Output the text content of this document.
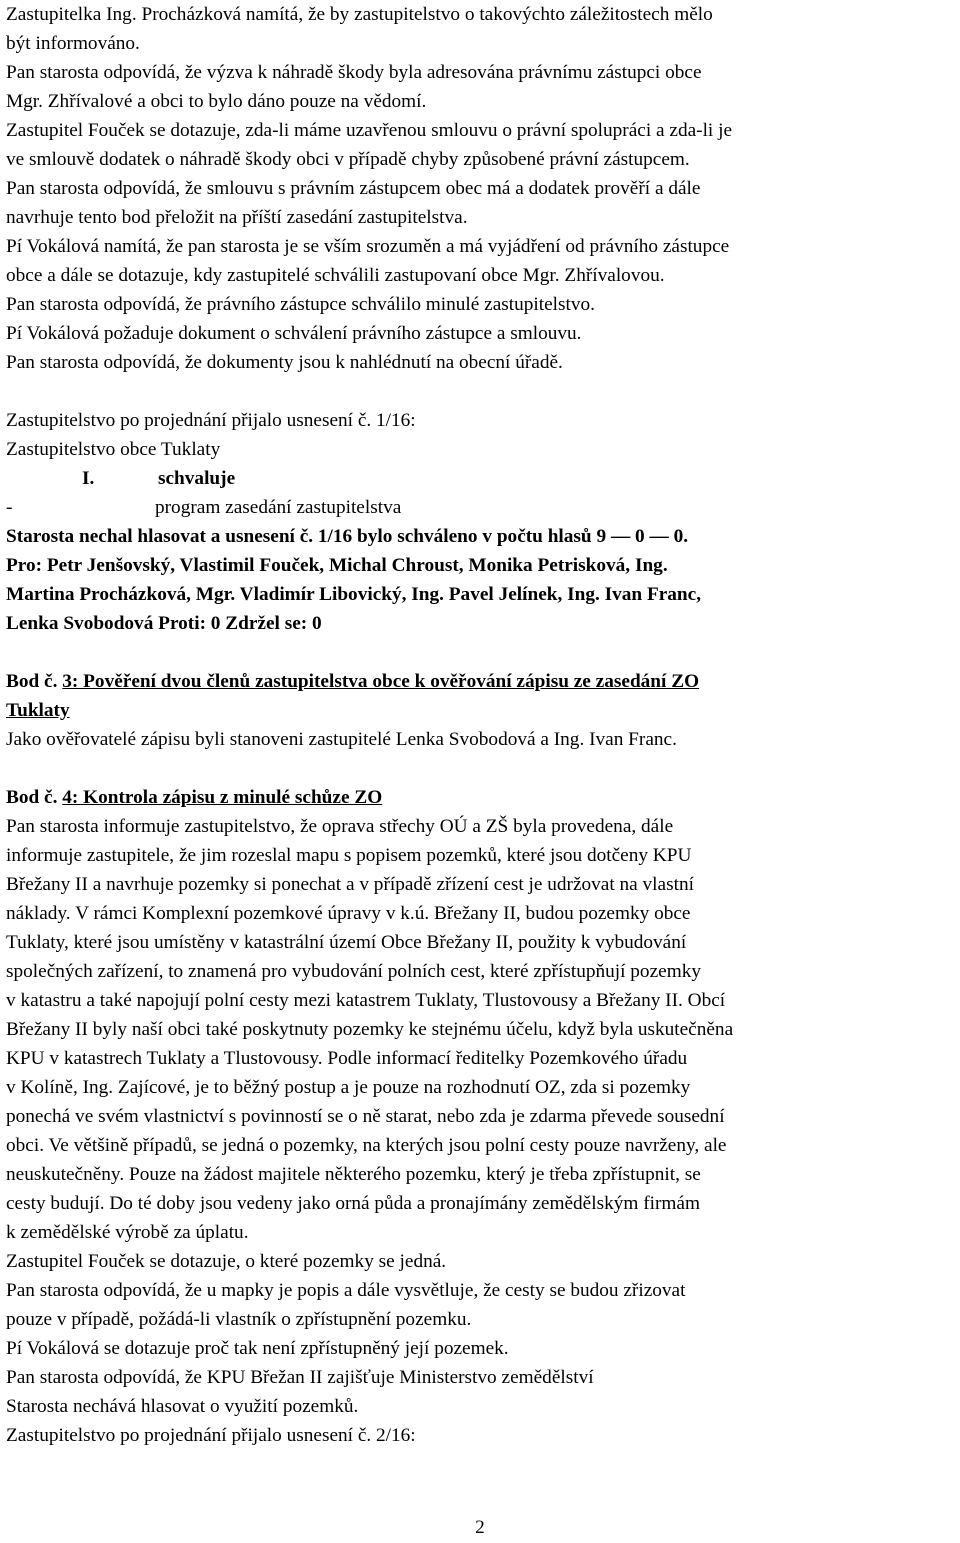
Zastupitelka Ing. Procházková namítá, že by zastupitelstvo o takovýchto záležitostech mělo
být informováno.
Pan starosta odpovídá, že výzva k náhradě škody byla adresována právnímu zástupci obce
Mgr. Zhřívalové a obci to bylo dáno pouze na vědomí.
Zastupitel Fouček se dotazuje, zda-li máme uzavřenou smlouvu o právní spolupráci a zda-li je
ve smlouvě dodatek o náhradě škody obci v případě chyby způsobené právní zástupcem.
Pan starosta odpovídá, že smlouvu s právním zástupcem obec má a dodatek prověří a dále
navrhuje tento bod přeložit na příští zasedání zastupitelstva.
Pí Vokálová namítá, že pan starosta je se vším srozuměn a má vyjádření od právního zástupce
obce a dále se dotazuje, kdy zastupitelé schválili zastupovaní obce Mgr. Zhřívalovou.
Pan starosta odpovídá, že právního zástupce schválilo minulé zastupitelstvo.
Pí Vokálová požaduje dokument o schválení právního zástupce a smlouvu.
Pan starosta odpovídá, že dokumenty jsou k nahlédnutí na obecní úřadě.
Zastupitelstvo po projednání přijalo usnesení č. 1/16:
Zastupitelstvo obce Tuklaty
I.	schvaluje
-	program zasedání zastupitelstva
Starosta nechal hlasovat a usnesení č. 1/16 bylo schváleno v počtu hlasů 9 — 0 — 0.
Pro: Petr Jenšovský, Vlastimil Fouček, Michal Chroust, Monika Petrisková, Ing.
Martina Procházková, Mgr. Vladimír Libovický, Ing. Pavel Jelínek, Ing. Ivan Franc,
Lenka Svobodová Proti: 0 Zdržel se: 0
Bod č. 3: Pověření dvou členů zastupitelstva obce k ověřování zápisu ze zasedání ZO
Tuklaty
Jako ověřovatelé zápisu byli stanoveni zastupitelé Lenka Svobodová a Ing. Ivan Franc.
Bod č. 4: Kontrola zápisu z minulé schůze ZO
Pan starosta informuje zastupitelstvo, že oprava střechy OÚ a ZŠ byla provedena, dále
informuje zastupitele, že jim rozeslal mapu s popisem pozemků, které jsou dotčeny KPU
Břežany II a navrhuje pozemky si ponechat a v případě zřízení cest je udržovat na vlastní
náklady. V rámci Komplexní pozemkové úpravy v k.ú. Břežany II, budou pozemky obce
Tuklaty, které jsou umístěny v katastrální území Obce Břežany II, použity k vybudování
společných zařízení, to znamená pro vybudování polních cest, které zpřístupňují pozemky
v katastru a také napojují polní cesty mezi katastrem Tuklaty, Tlustovousy a Břežany II. Obcí
Břežany II byly naší obci také poskytnuty pozemky ke stejnému účelu, když byla uskutečněna
KPU v katastrech Tuklaty a Tlustovousy. Podle informací ředitelky Pozemkového úřadu
v Kolíně, Ing. Zajícové, je to běžný postup a je pouze na rozhodnutí OZ, zda si pozemky
ponechá ve svém vlastnictví s povinností se o ně starat, nebo zda je zdarma převede sousední
obci. Ve většině případů, se jedná o pozemky, na kterých jsou polní cesty pouze navrženy, ale
neuskutečněny. Pouze na žádost majitele některého pozemku, který je třeba zpřístupnit, se
cesty budují. Do té doby jsou vedeny jako orná půda a pronajímány zemědělským firmám
k zemědělské výrobě za úplatu.
Zastupitel Fouček se dotazuje, o které pozemky se jedná.
Pan starosta odpovídá, že u mapky je popis a dále vysvětluje, že cesty se budou zřizovat
pouze v případě, požádá-li vlastník o zpřístupnění pozemku.
Pí Vokálová se dotazuje proč tak není zpřístupněný její pozemek.
Pan starosta odpovídá, že KPU Břežan II zajišťuje Ministerstvo zemědělství
Starosta nechává hlasovat o využití pozemků.
Zastupitelstvo po projednání přijalo usnesení č. 2/16:
2
